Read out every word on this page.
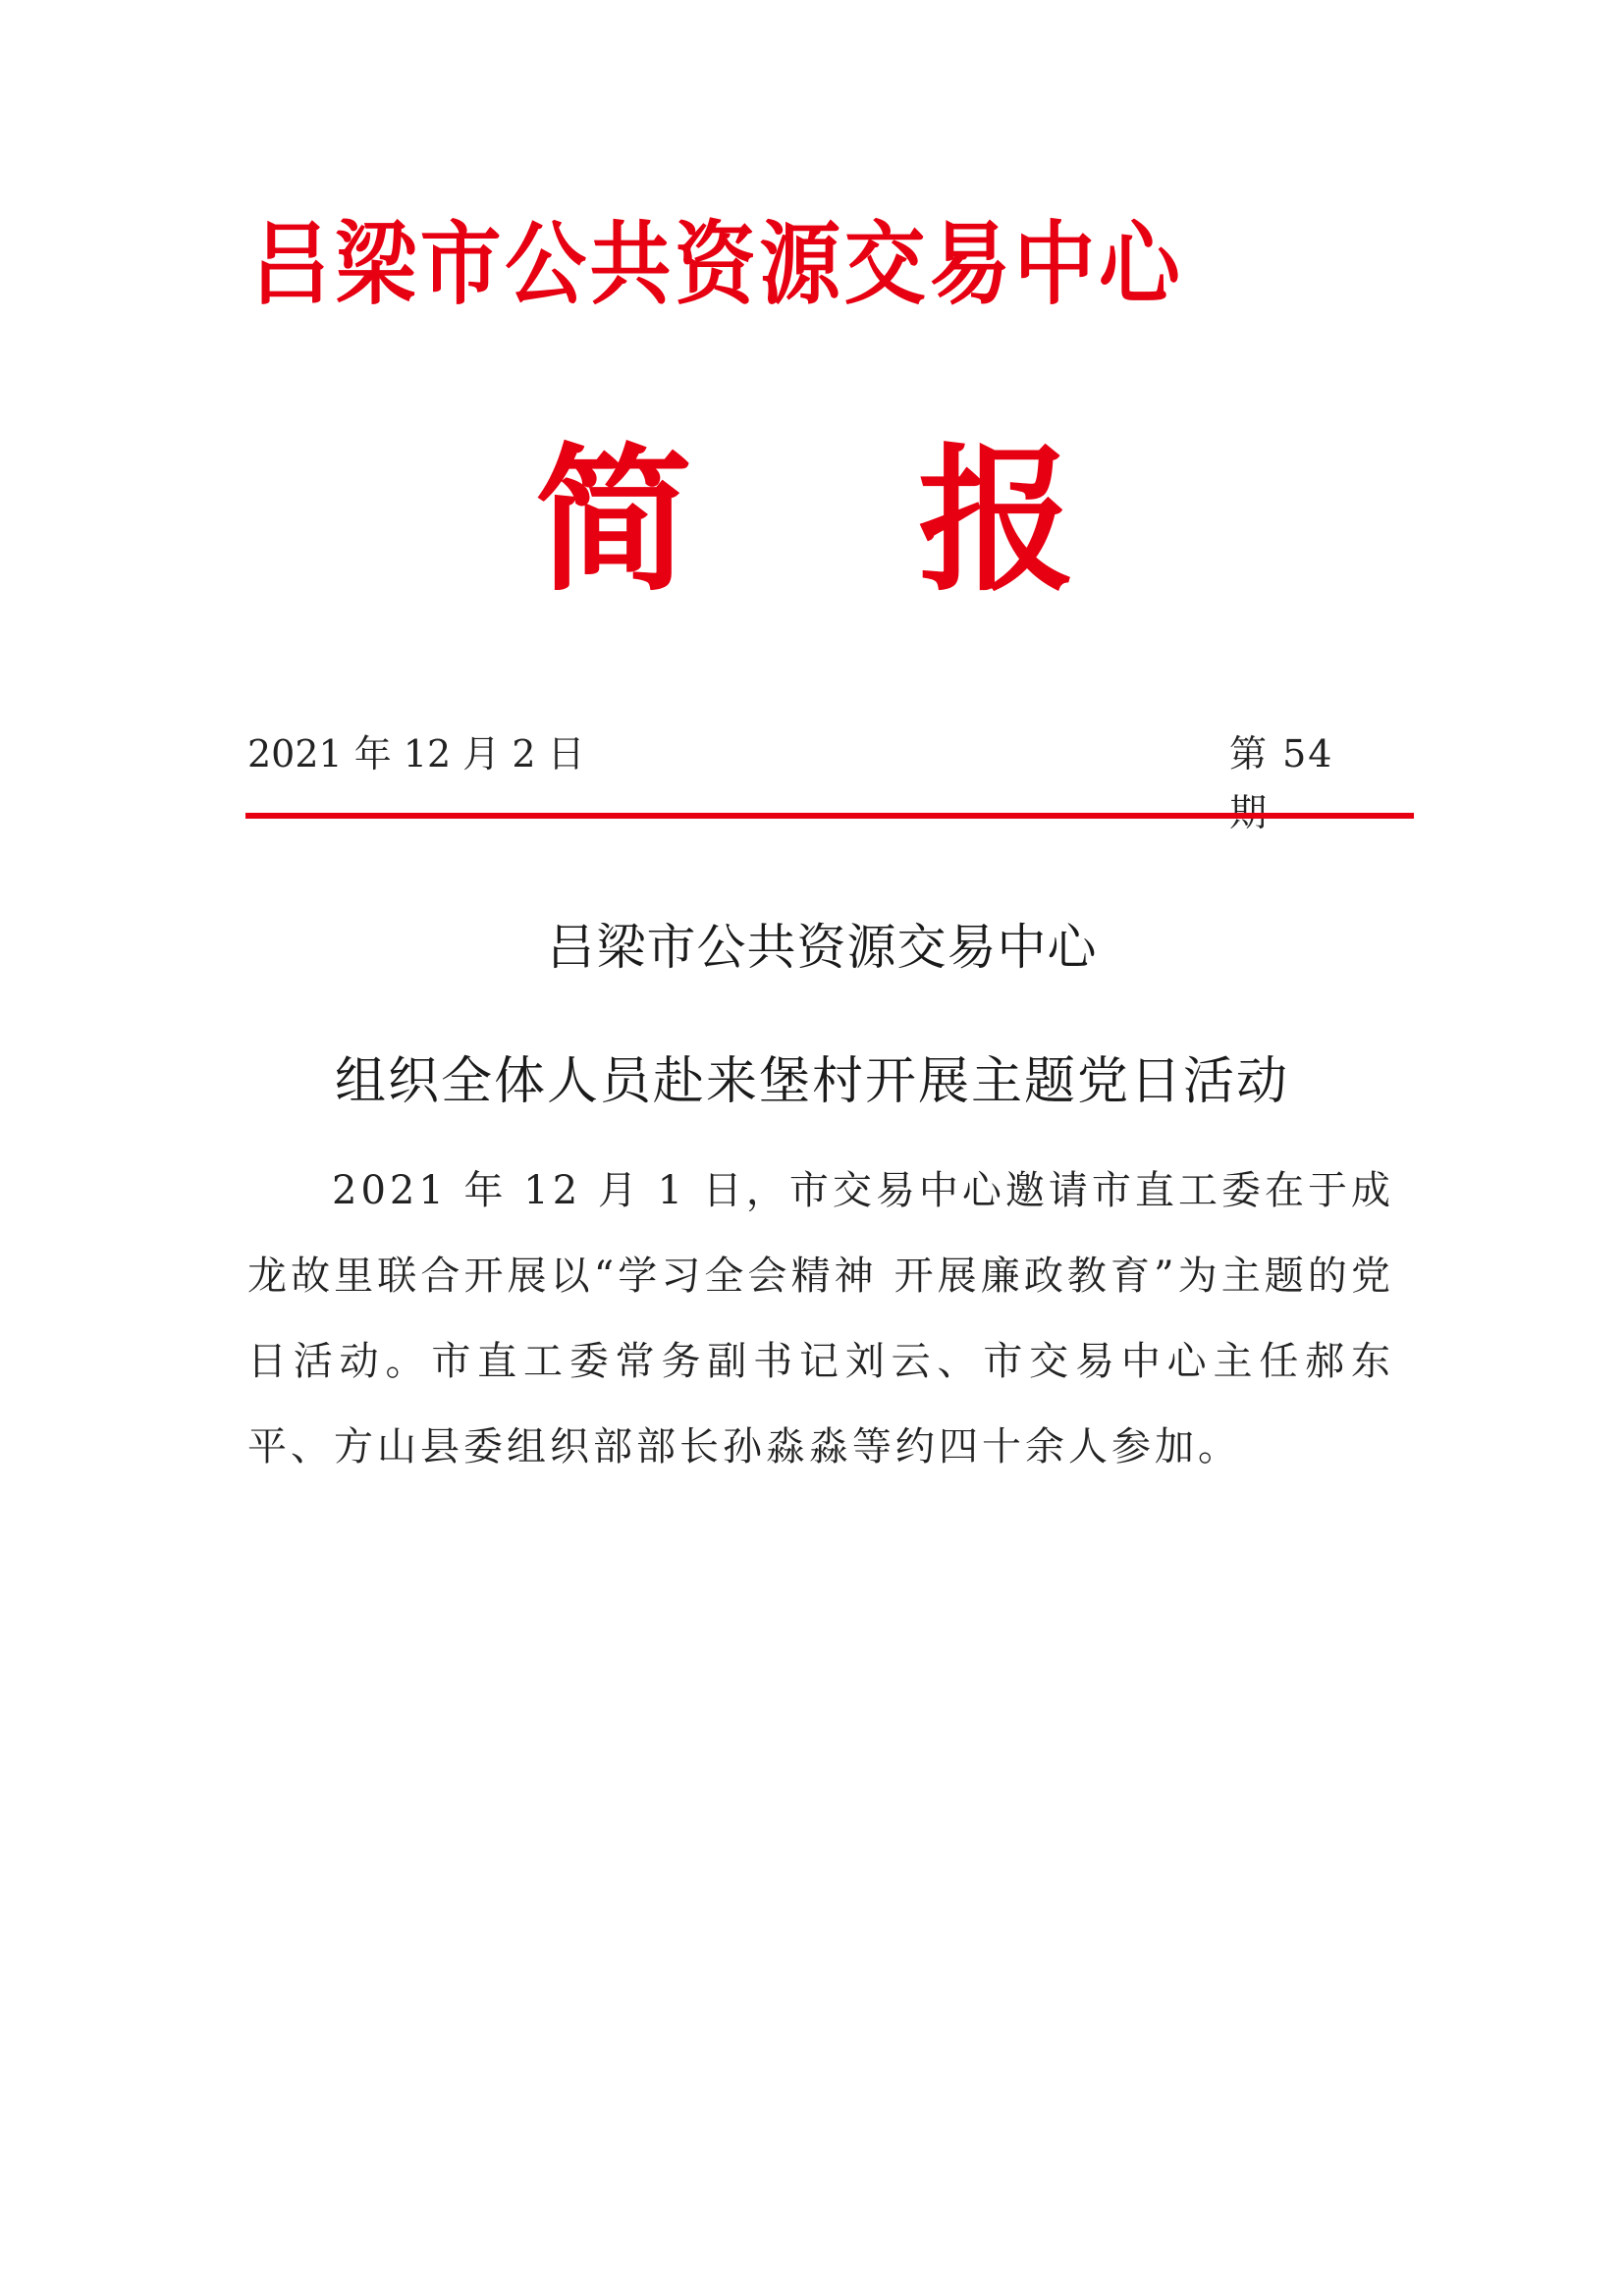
吕梁市公共资源交易中心
简报
2021 年 12 月 2 日	第 54
吕梁市公共资源交易中心
组织全体人员赴来堡村开展主题党日活动

2021 年 12 月 1 日，市交易中心邀请市直工委在于成龙故里联合开展以“学习全会精神 开展廉政教育”为主题的党日活动。市直工委常务副书记刘云、市交易中心主任郝东平、方山县委组织部部长孙淼淼等约四十余人参加。
